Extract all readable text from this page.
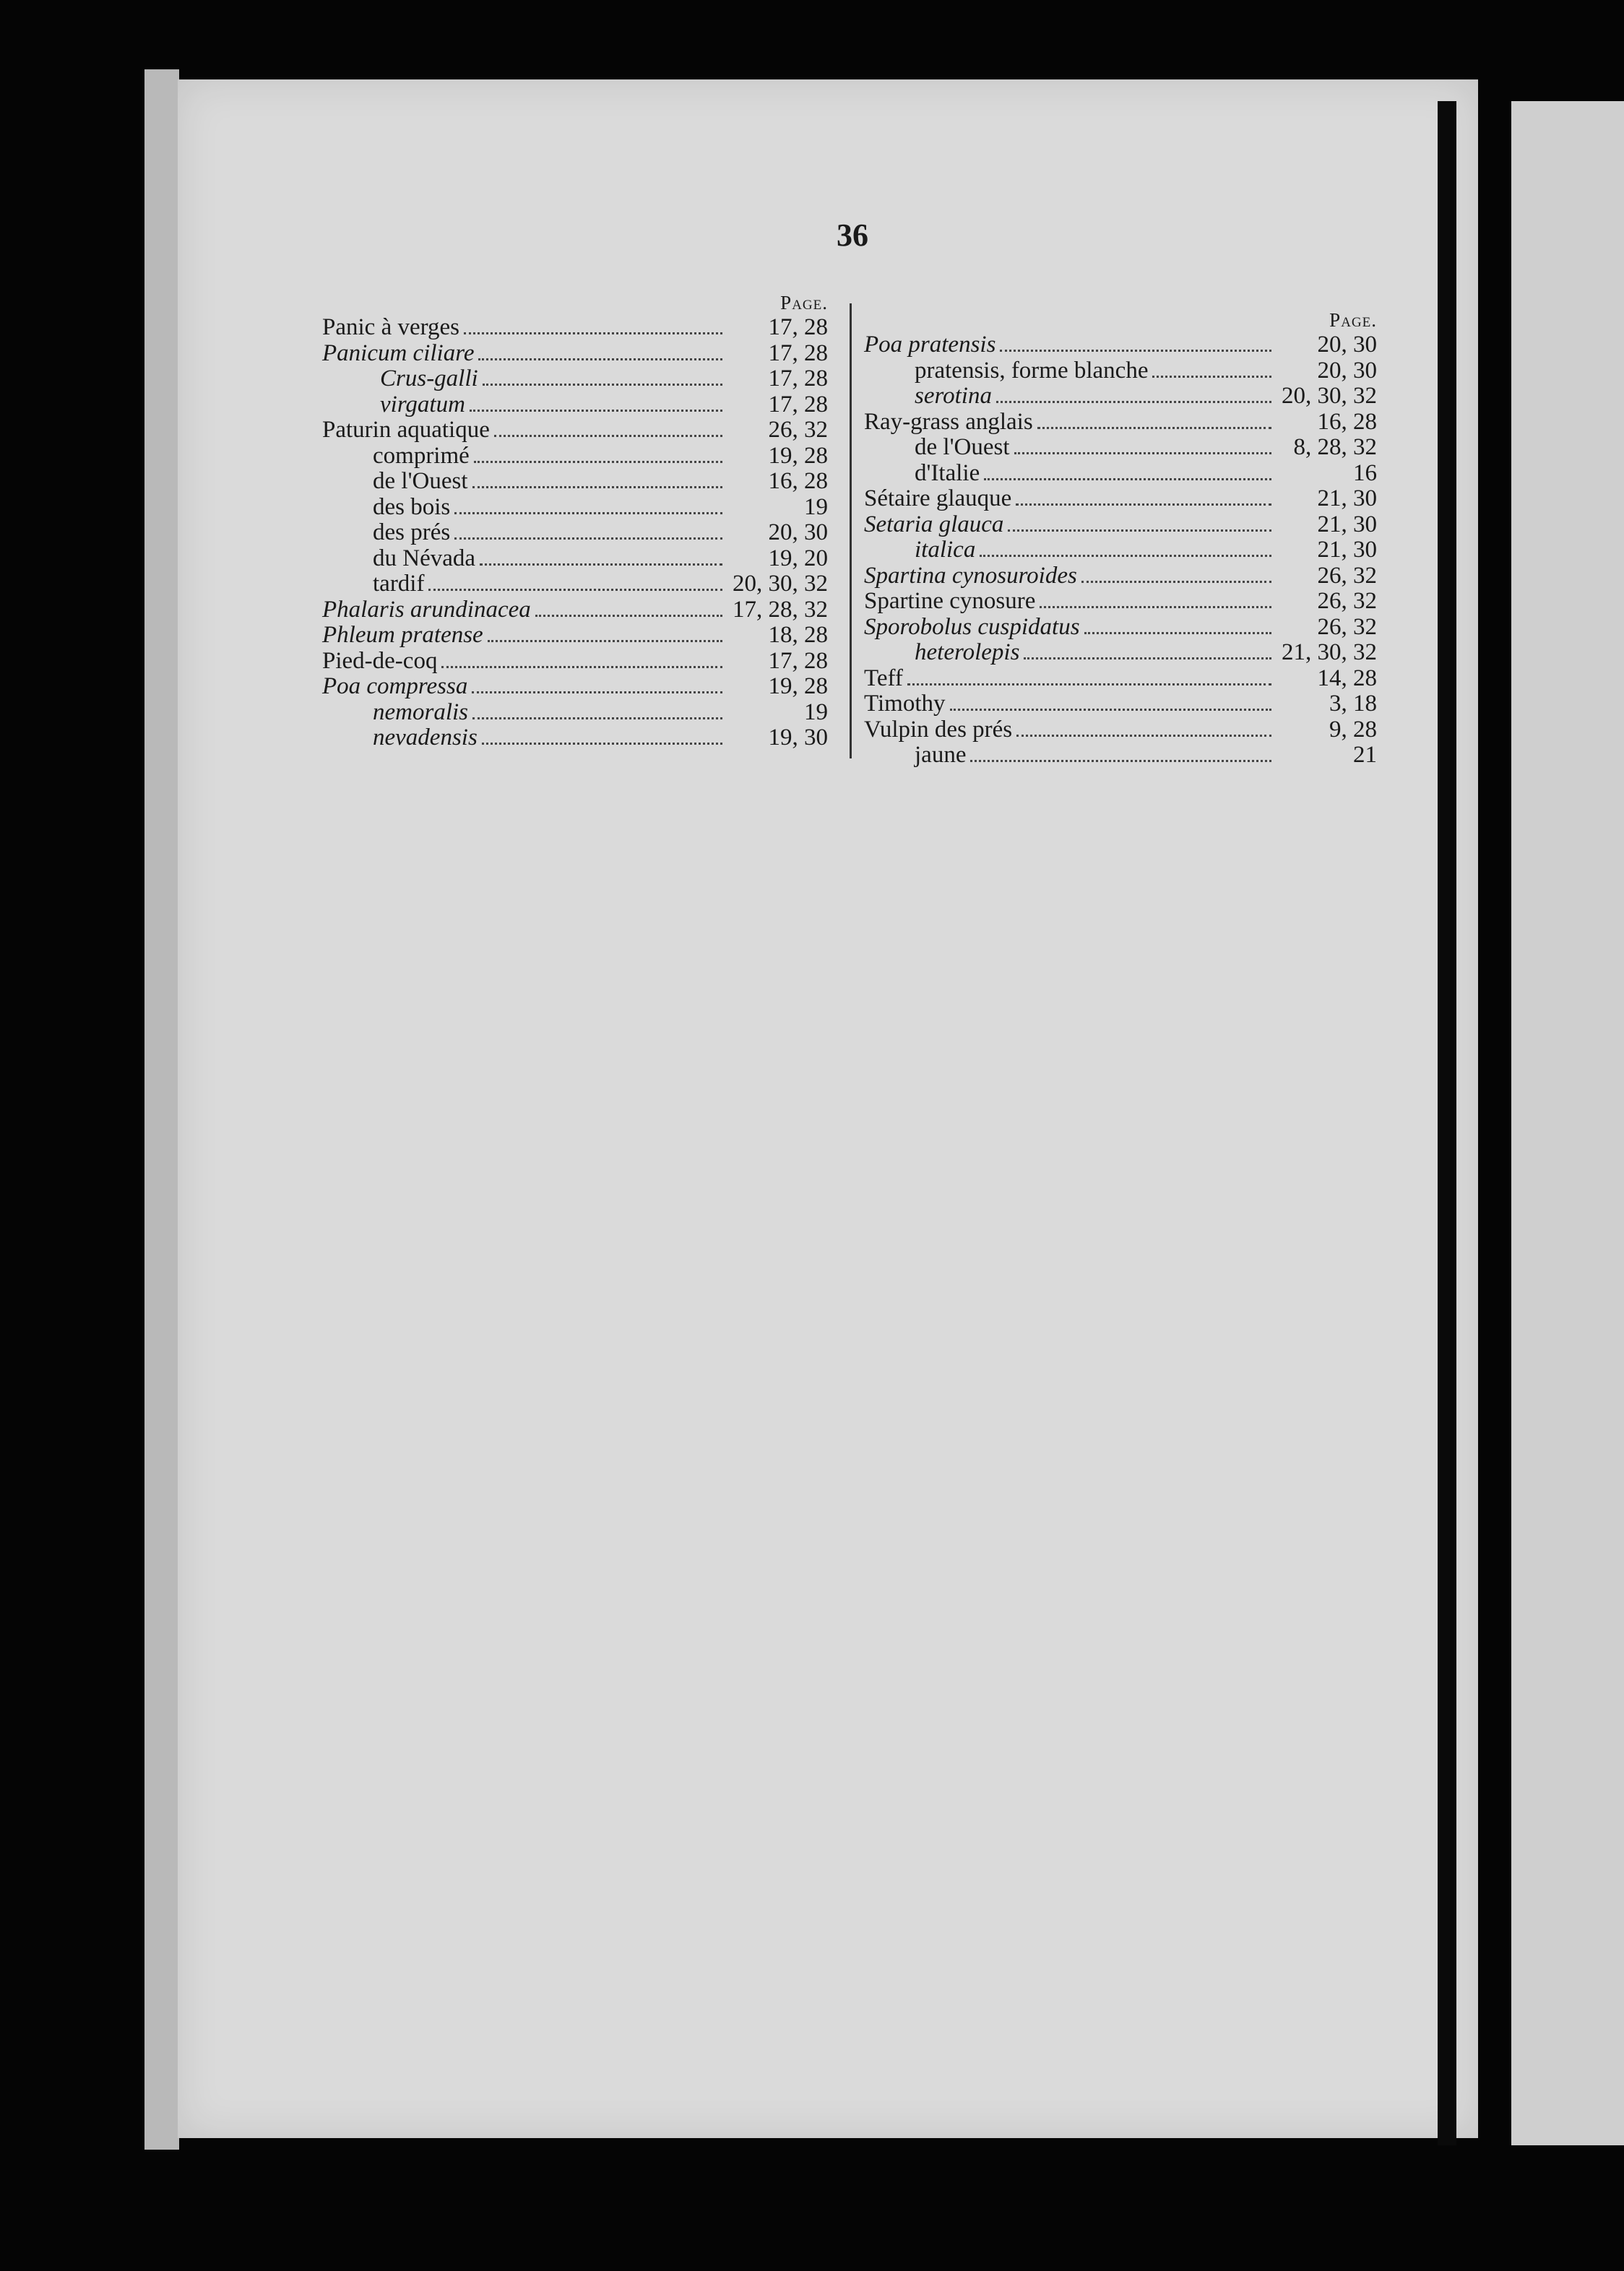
36
Page.
Panic à verges	17, 28
Panicum ciliare	17, 28
Crus-galli	17, 28
virgatum	17, 28
Paturin aquatique	26, 32
comprimé	19, 28
de l'Ouest	16, 28
des bois	19
des prés	20, 30
du Névada	19, 20
tardif	20, 30, 32
Phalaris arundinacea	17, 28, 32
Phleum pratense	18, 28
Pied-de-coq	17, 28
Poa compressa	19, 28
nemoralis	19
nevadensis	19, 30
Page.
Poa pratensis	20, 30
pratensis, forme blanche	20, 30
serotina	20, 30, 32
Ray-grass anglais	16, 28
de l'Ouest	8, 28, 32
d'Italie	16
Sétaire glauque	21, 30
Setaria glauca	21, 30
italica	21, 30
Spartina cynosuroides	26, 32
Spartine cynosure	26, 32
Sporobolus cuspidatus	26, 32
heterolepis	21, 30, 32
Teff	14, 28
Timothy	3, 18
Vulpin des prés	9, 28
jaune	21
